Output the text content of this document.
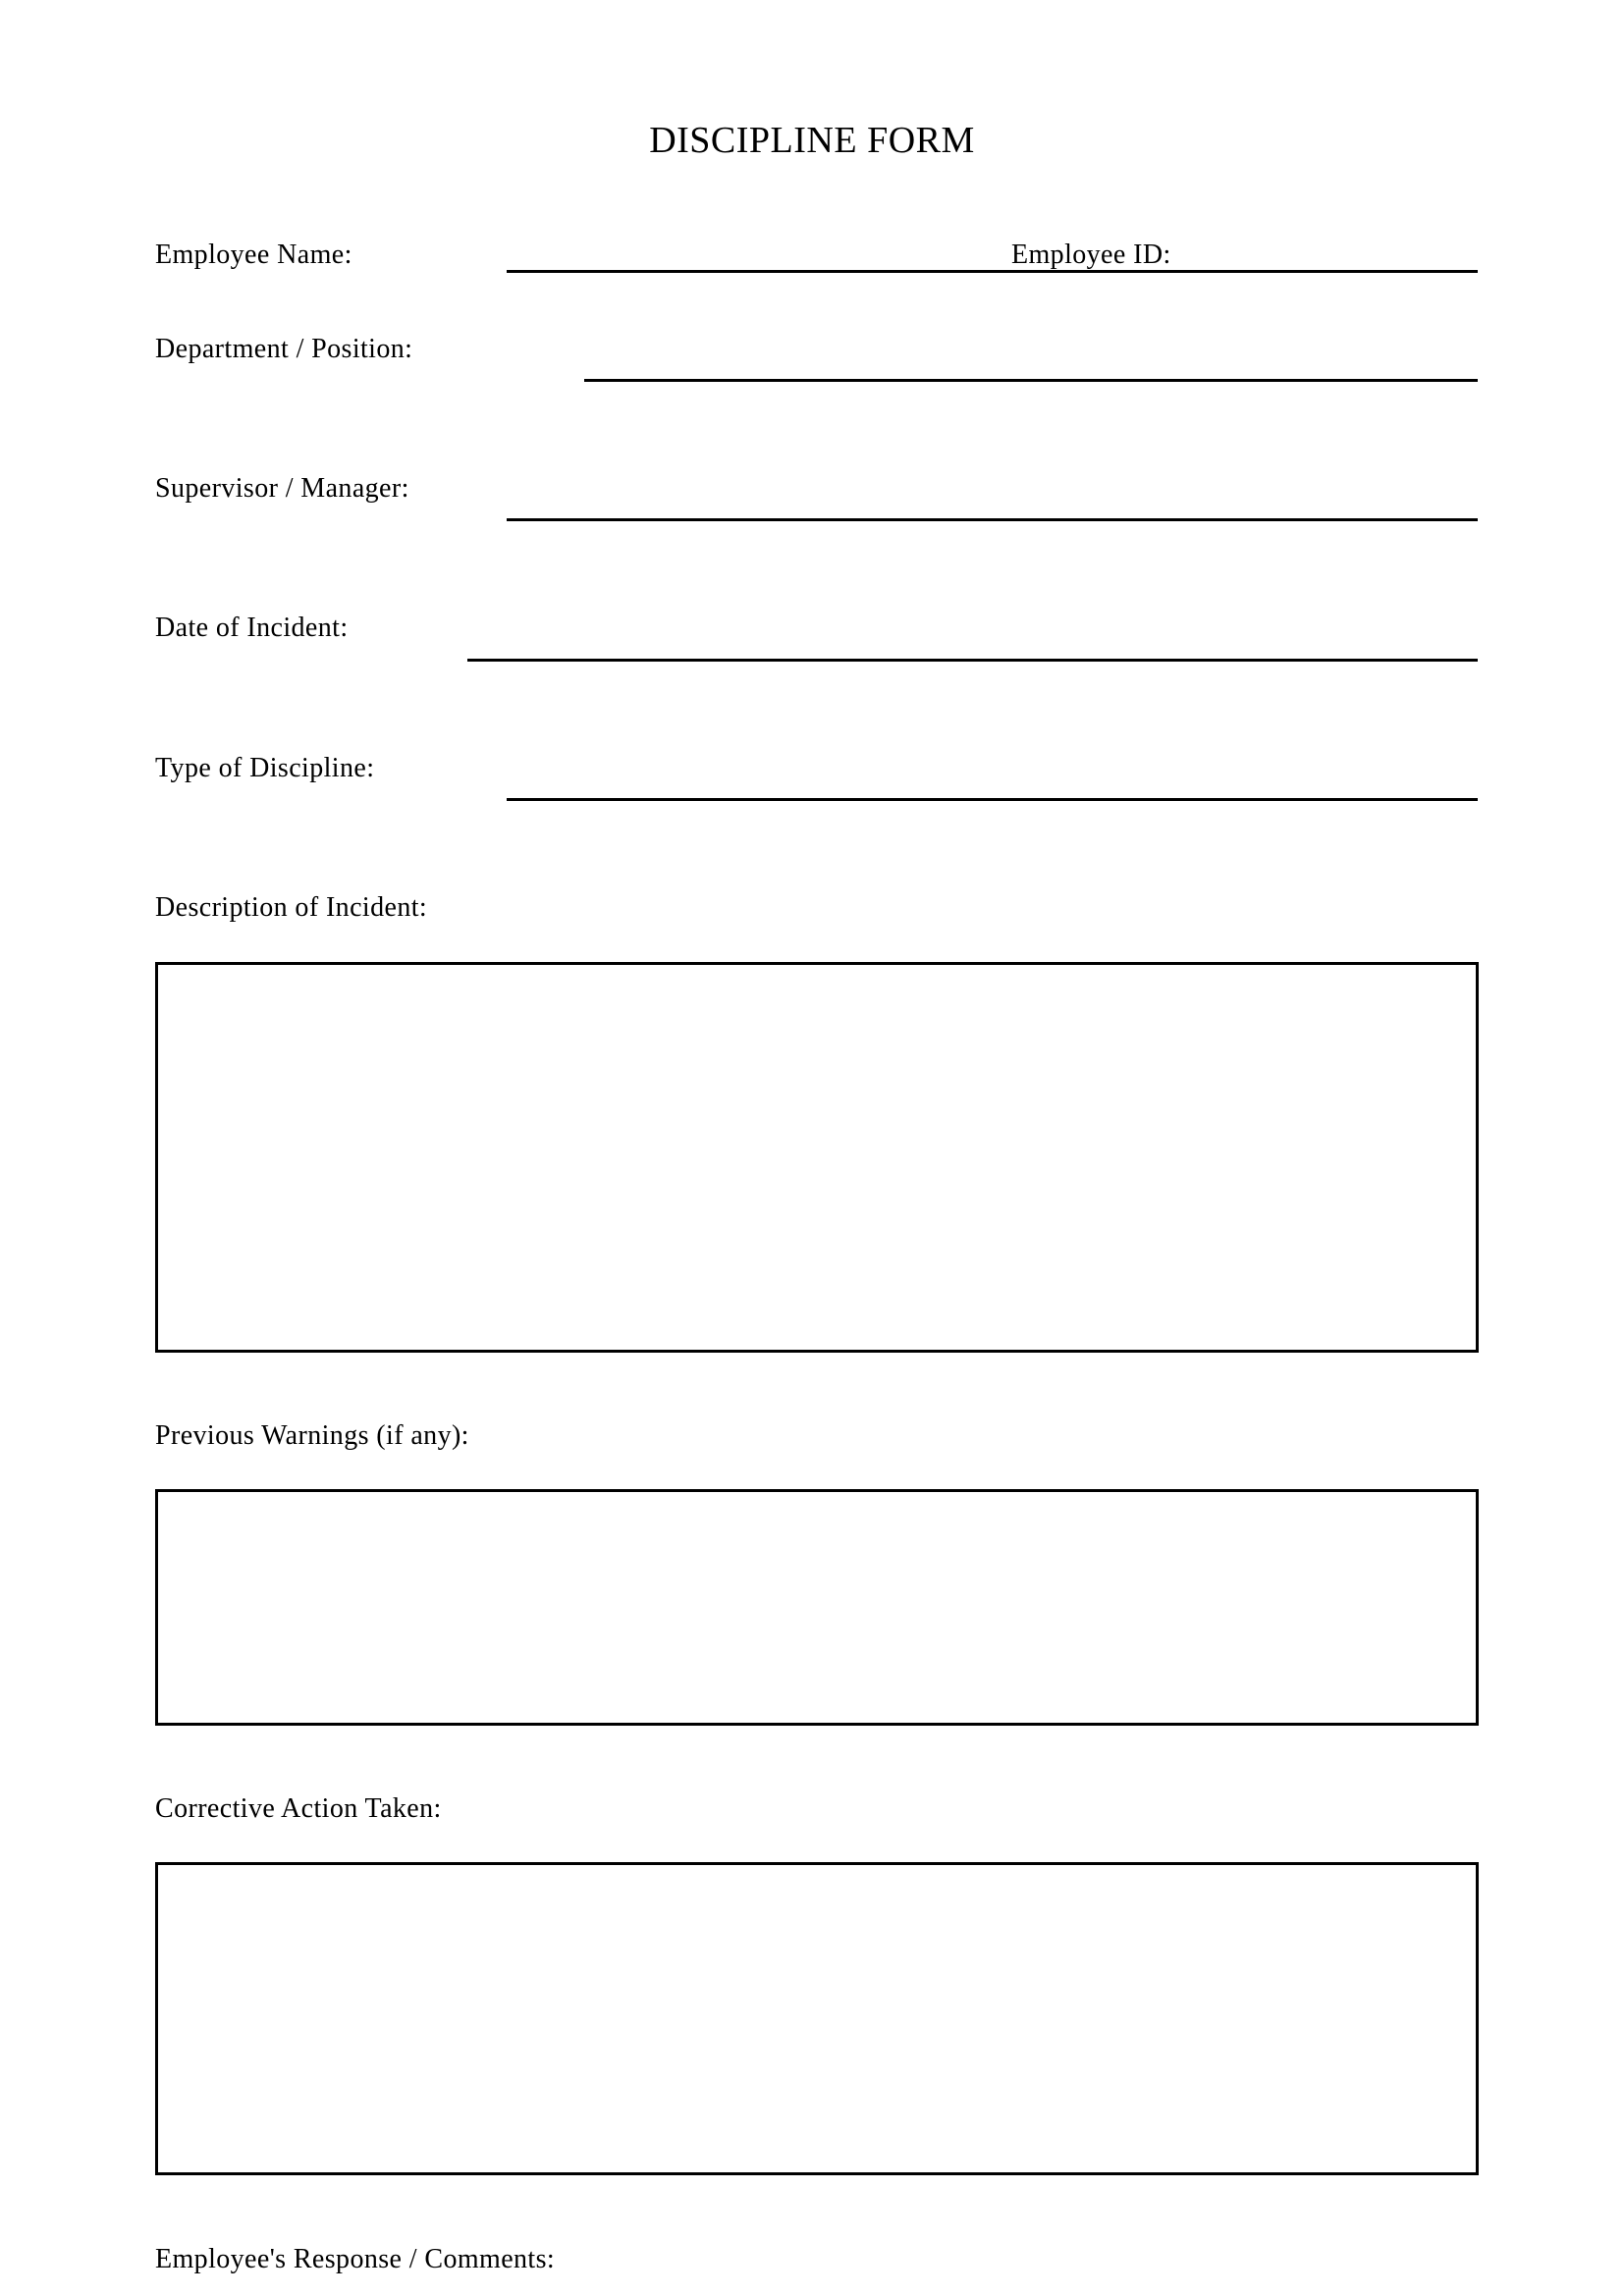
DISCIPLINE FORM
Employee Name:	Employee ID:
Department / Position:
Supervisor / Manager:
Date of Incident:
Type of Discipline:
Description of Incident:
Previous Warnings (if any):
Corrective Action Taken:
Employee's Response / Comments:
